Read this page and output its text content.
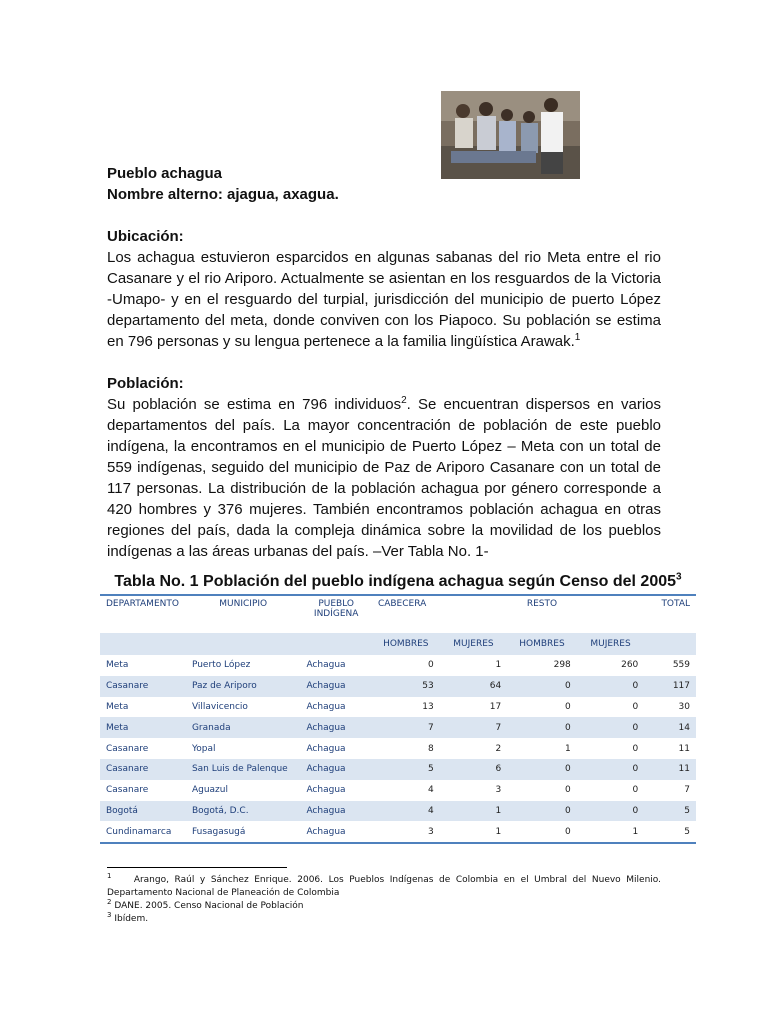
Pueblo achagua
Nombre alterno: ajagua, axagua.
Ubicación:

Los achagua estuvieron esparcidos en algunas sabanas del rio Meta entre el rio Casanare y el rio Ariporo. Actualmente se asientan en los resguardos de la Victoria -Umapo- y en el resguardo del turpial, jurisdicción del municipio de puerto López departamento del meta, donde conviven con los Piapoco. Su población se estima en 796 personas y su lengua pertenece a la familia lingüística Arawak.$^1$

Población:

Su población se estima en 796 individuos$^2$. Se encuentran dispersos en varios departamentos del país. La mayor concentración de población de este pueblo indígena, la encontramos en el municipio de Puerto López – Meta con un total de 559 indígenas, seguido del municipio de Paz de Ariporo Casanare con un total de 117 personas. La distribución de la población achagua por género corresponde a 420 hombres y 376 mujeres. También encontramos población achagua en otras regiones del país, dada la compleja dinámica sobre la movilidad de los pueblos indígenas a las áreas urbanas del país. –Ver Tabla No. 1-

Tabla No. 1 Población del pueblo indígena achagua según Censo del 2005$^3$
DEPARTAMENTO	MUNICIPIO	PUEBLO INDÍGENA	CABECERA		RESTO		TOTAL
			HOMBRES	MUJERES	HOMBRES	MUJERES	
Meta	Puerto López	Achagua	0	1	298	260	559
Casanare	Paz de Ariporo	Achagua	53	64	0	0	117
Meta	Villavicencio	Achagua	13	17	0	0	30
Meta	Granada	Achagua	7	7	0	0	14
Casanare	Yopal	Achagua	8	2	1	0	11
Casanare	San Luis de Palenque	Achagua	5	6	0	0	11
Casanare	Aguazul	Achagua	4	3	0	0	7
Bogotá	Bogotá, D.C.	Achagua	4	1	0	0	5
Cundinamarca	Fusagasugá	Achagua	3	1	0	1	5

$^1$ Arango, Raúl y Sánchez Enrique. 2006. Los Pueblos Indígenas de Colombia en el Umbral del Nuevo Milenio. Departamento Nacional de Planeación de Colombia

$^2$ DANE. 2005. Censo Nacional de Población

$^3$ Ibídem.
